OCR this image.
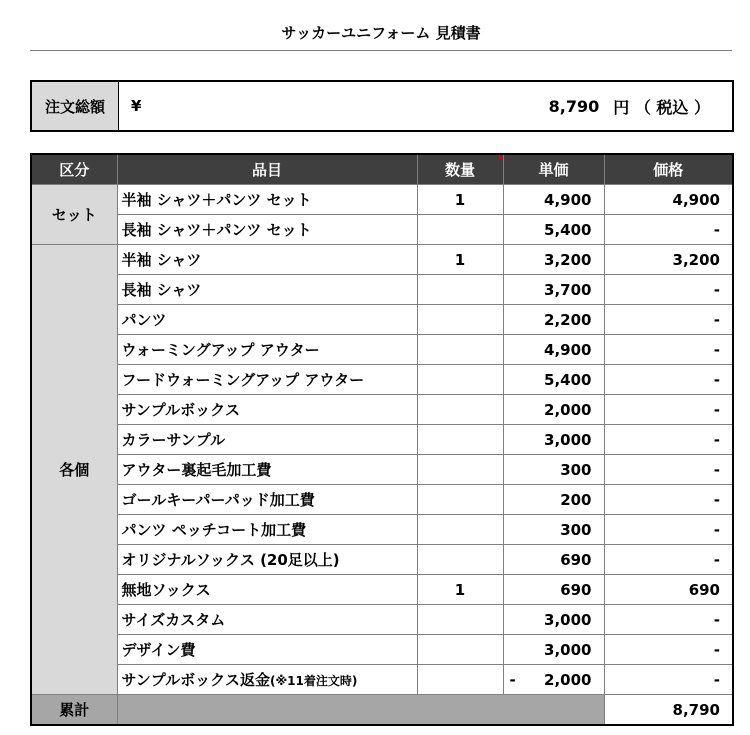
サッカーユニフォーム 見積書
注文総額	¥	8,790 円 （ 税込 ）
区分	品目	数量	単価	価格
セット	半袖 シャツ＋パンツ セット	1	4,900	4,900
	長袖 シャツ＋パンツ セット		5,400	-
各個	半袖 シャツ	1	3,200	3,200
	長袖 シャツ		3,700	-
	パンツ		2,200	-
	ウォーミングアップ アウター		4,900	-
	フードウォーミングアップ アウター		5,400	-
	サンプルボックス		2,000	-
	カラーサンプル		3,000	-
	アウター裏起毛加工費		300	-
	ゴールキーパーパッド加工費		200	-
	パンツ ペッチコート加工費		300	-
	オリジナルソックス (20足以上)		690	-
	無地ソックス	1	690	690
	サイズカスタム		3,000	-
	デザイン費		3,000	-
	サンプルボックス返金(※11着注文時)		- 2,000	-
累計				8,790
